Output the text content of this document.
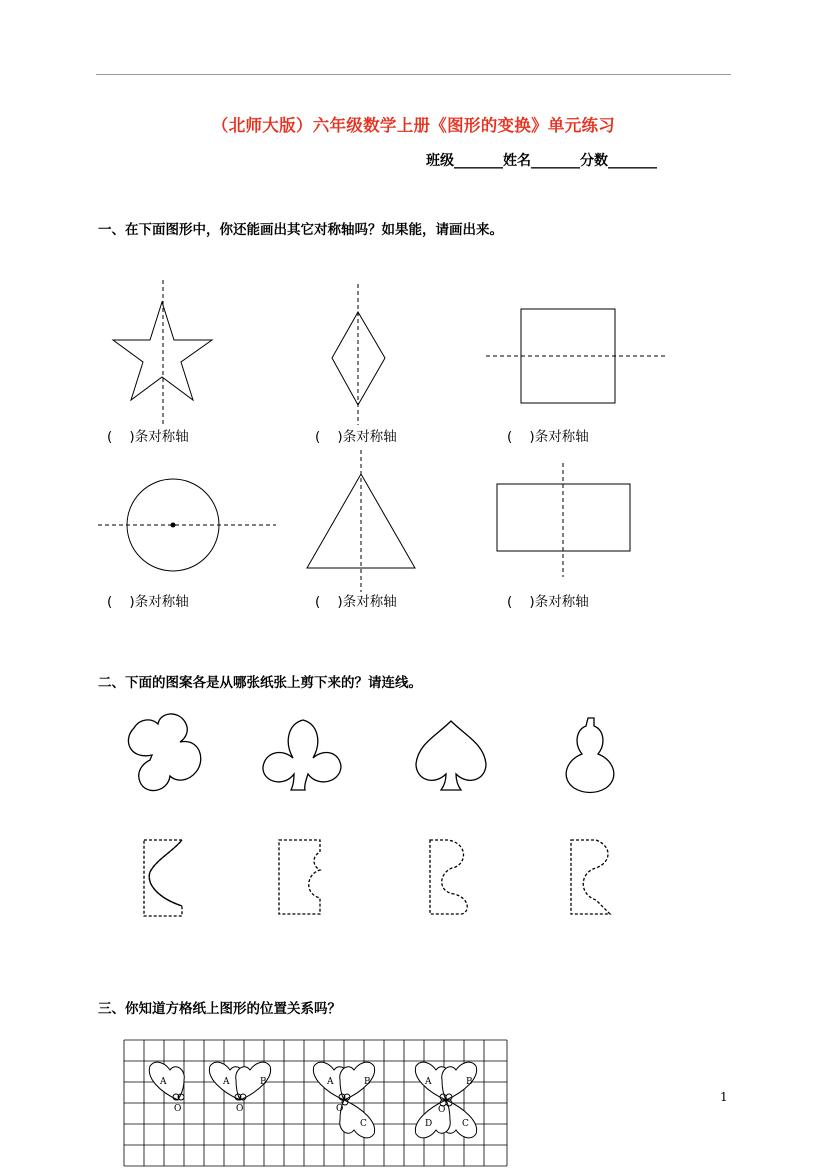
（北师大版）六年级数学上册《图形的变换》单元练习
班级_______姓名_______分数_______
一、在下面图形中，你还能画出其它对称轴吗？如果能，请画出来。
(    )条对称轴	(    )条对称轴	(    )条对称轴
(    )条对称轴	(    )条对称轴	(    )条对称轴
二、下面的图案各是从哪张纸张上剪下来的？请连线。
三、你知道方格纸上图形的位置关系吗？
A
O
A	B
O
A	B
O
C
A	B
D	C
O
1
